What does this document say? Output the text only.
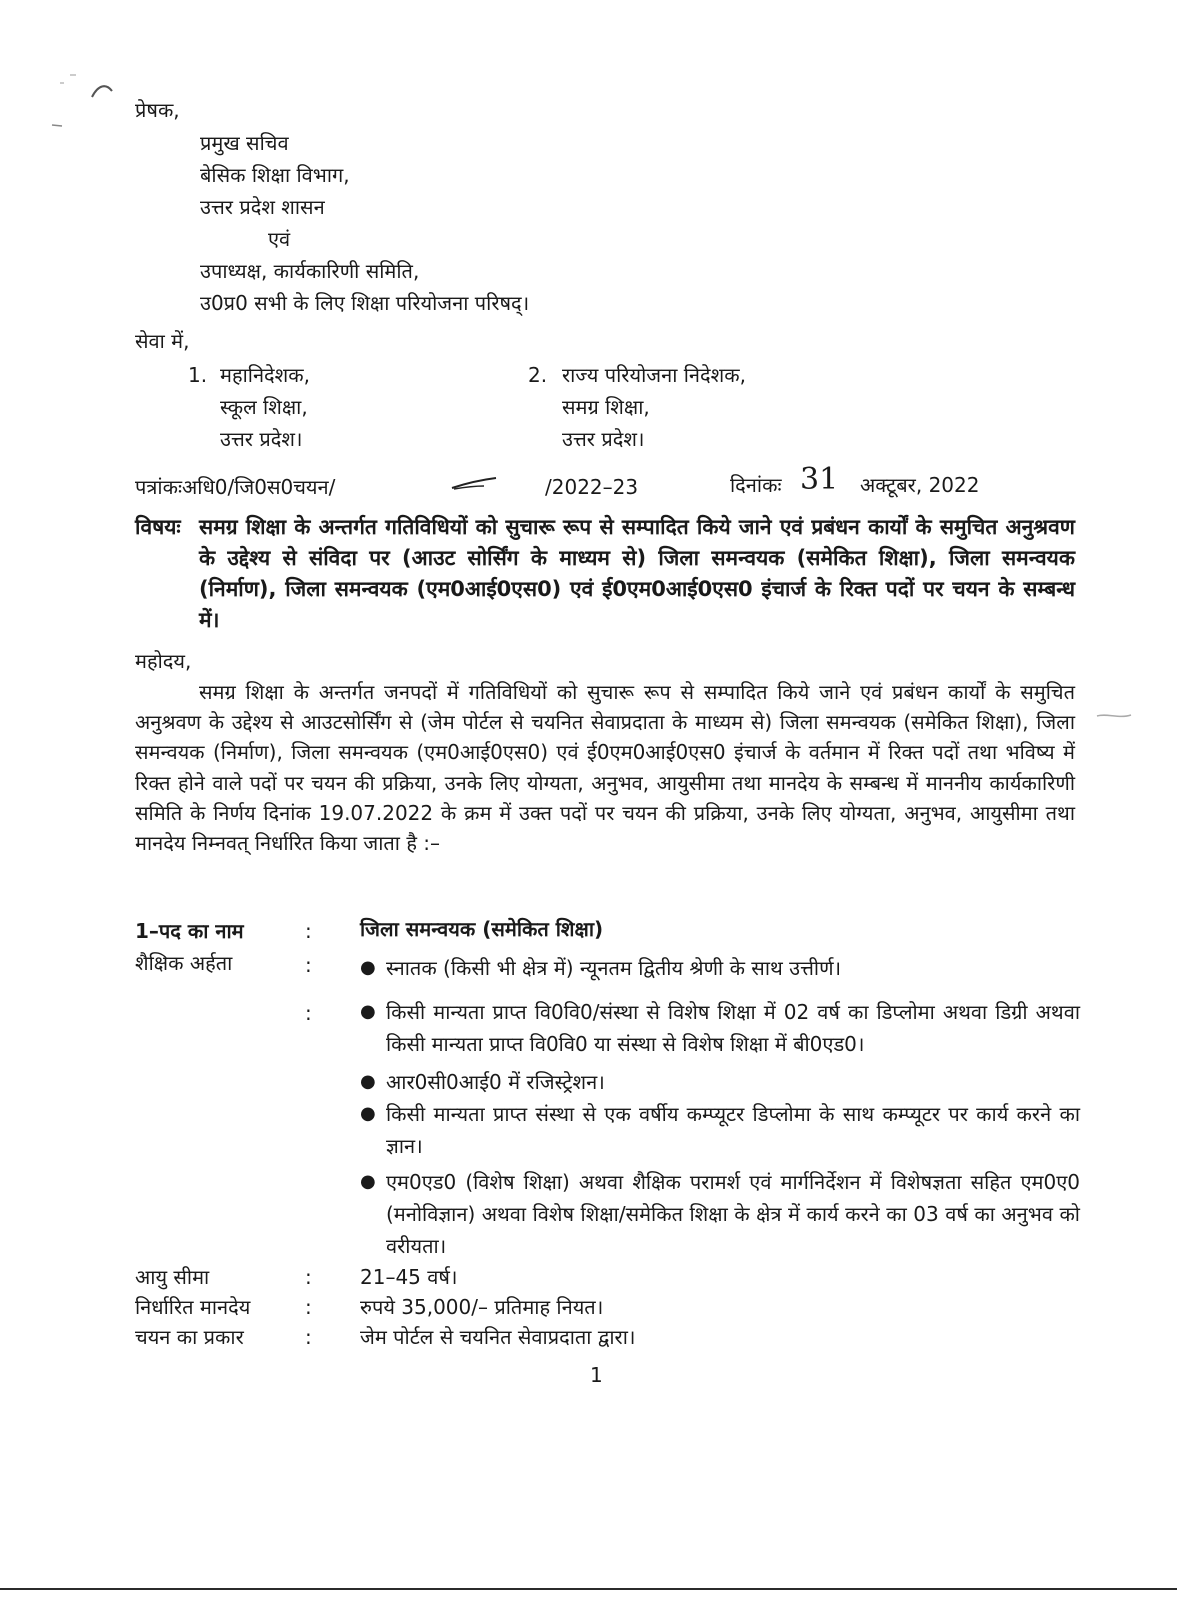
प्रेषक,
प्रमुख सचिव
बेसिक शिक्षा विभाग,
उत्तर प्रदेश शासन
एवं
उपाध्यक्ष, कार्यकारिणी समिति,
उ0प्र0 सभी के लिए शिक्षा परियोजना परिषद्।
सेवा में,
1. महानिदेशक,
स्कूल शिक्षा,
उत्तर प्रदेश।
2. राज्य परियोजना निदेशक,
समग्र शिक्षा,
उत्तर प्रदेश।
पत्रांकःअधि0/जि0स0चयन/	/2022–23	दिनांकः 31 अक्टूबर, 2022
विषयः समग्र शिक्षा के अन्तर्गत गतिविधियों को सुचारू रूप से सम्पादित किये जाने एवं प्रबंधन कार्यों के समुचित अनुश्रवण के उद्देश्य से संविदा पर (आउट सोर्सिंग के माध्यम से) जिला समन्वयक (समेकित शिक्षा), जिला समन्वयक (निर्माण), जिला समन्वयक (एम0आई0एस0) एवं ई0एम0आई0एस0 इंचार्ज के रिक्त पदों पर चयन के सम्बन्ध में।
महोदय,
समग्र शिक्षा के अन्तर्गत जनपदों में गतिविधियों को सुचारू रूप से सम्पादित किये जाने एवं प्रबंधन कार्यों के समुचित अनुश्रवण के उद्देश्य से आउटसोर्सिंग से (जेम पोर्टल से चयनित सेवाप्रदाता के माध्यम से) जिला समन्वयक (समेकित शिक्षा), जिला समन्वयक (निर्माण), जिला समन्वयक (एम0आई0एस0) एवं ई0एम0आई0एस0 इंचार्ज के वर्तमान में रिक्त पदों तथा भविष्य में रिक्त होने वाले पदों पर चयन की प्रक्रिया, उनके लिए योग्यता, अनुभव, आयुसीमा तथा मानदेय के सम्बन्ध में माननीय कार्यकारिणी समिति के निर्णय दिनांक 19.07.2022 के क्रम में उक्त पदों पर चयन की प्रक्रिया, उनके लिए योग्यता, अनुभव, आयुसीमा तथा मानदेय निम्नवत् निर्धारित किया जाता है :–
1–पद का नाम	: जिला समन्वयक (समेकित शिक्षा)
शैक्षिक अर्हता	:	● स्नातक (किसी भी क्षेत्र में) न्यूनतम द्वितीय श्रेणी के साथ उत्तीर्ण।
:	● किसी मान्यता प्राप्त वि0वि0/संस्था से विशेष शिक्षा में 02 वर्ष का डिप्लोमा अथवा डिग्री अथवा किसी मान्यता प्राप्त वि0वि0 या संस्था से विशेष शिक्षा में बी0एड0।
● आर0सी0आई0 में रजिस्ट्रेशन।
● किसी मान्यता प्राप्त संस्था से एक वर्षीय कम्प्यूटर डिप्लोमा के साथ कम्प्यूटर पर कार्य करने का ज्ञान।
● एम0एड0 (विशेष शिक्षा) अथवा शैक्षिक परामर्श एवं मार्गनिर्देशन में विशेषज्ञता सहित एम0ए0 (मनोविज्ञान) अथवा विशेष शिक्षा/समेकित शिक्षा के क्षेत्र में कार्य करने का 03 वर्ष का अनुभव को वरीयता।
आयु सीमा	: 21–45 वर्ष।
निर्धारित मानदेय	: रुपये 35,000/– प्रतिमाह नियत।
चयन का प्रकार	: जेम पोर्टल से चयनित सेवाप्रदाता द्वारा।
1
